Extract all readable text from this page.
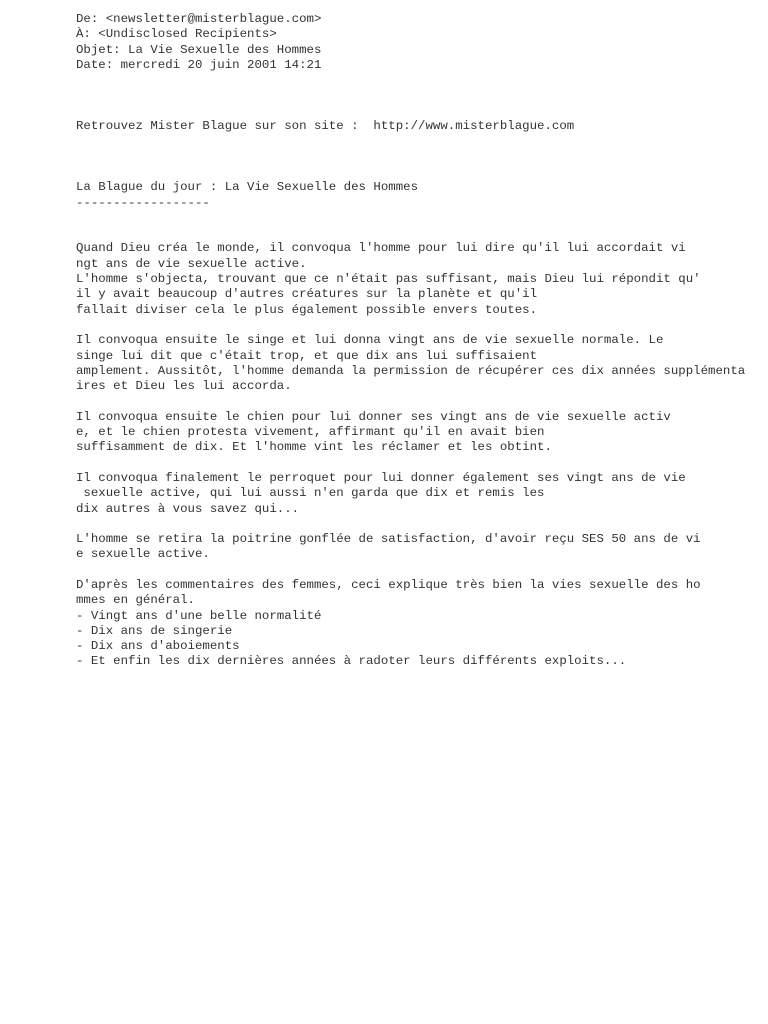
De: <newsletter@misterblague.com>
À: <Undisclosed Recipients>
Objet: La Vie Sexuelle des Hommes
Date: mercredi 20 juin 2001 14:21
Retrouvez Mister Blague sur son site :  http://www.misterblague.com
La Blague du jour : La Vie Sexuelle des Hommes
------------------
Quand Dieu créa le monde, il convoqua l'homme pour lui dire qu'il lui accordait vi
ngt ans de vie sexuelle active.
L'homme s'objecta, trouvant que ce n'était pas suffisant, mais Dieu lui répondit qu'
il y avait beaucoup d'autres créatures sur la planète et qu'il
fallait diviser cela le plus également possible envers toutes.
Il convoqua ensuite le singe et lui donna vingt ans de vie sexuelle normale. Le
singe lui dit que c'était trop, et que dix ans lui suffisaient
amplement. Aussitôt, l'homme demanda la permission de récupérer ces dix années supplémenta
ires et Dieu les lui accorda.
Il convoqua ensuite le chien pour lui donner ses vingt ans de vie sexuelle activ
e, et le chien protesta vivement, affirmant qu'il en avait bien
suffisamment de dix. Et l'homme vint les réclamer et les obtint.
Il convoqua finalement le perroquet pour lui donner également ses vingt ans de vie
sexuelle active, qui lui aussi n'en garda que dix et remis les
dix autres à vous savez qui...
L'homme se retira la poitrine gonflée de satisfaction, d'avoir reçu SES 50 ans de vi
e sexuelle active.
D'après les commentaires des femmes, ceci explique très bien la vies sexuelle des ho
mmes en général.
- Vingt ans d'une belle normalité
- Dix ans de singerie
- Dix ans d'aboiements
- Et enfin les dix dernières années à radoter leurs différents exploits...
